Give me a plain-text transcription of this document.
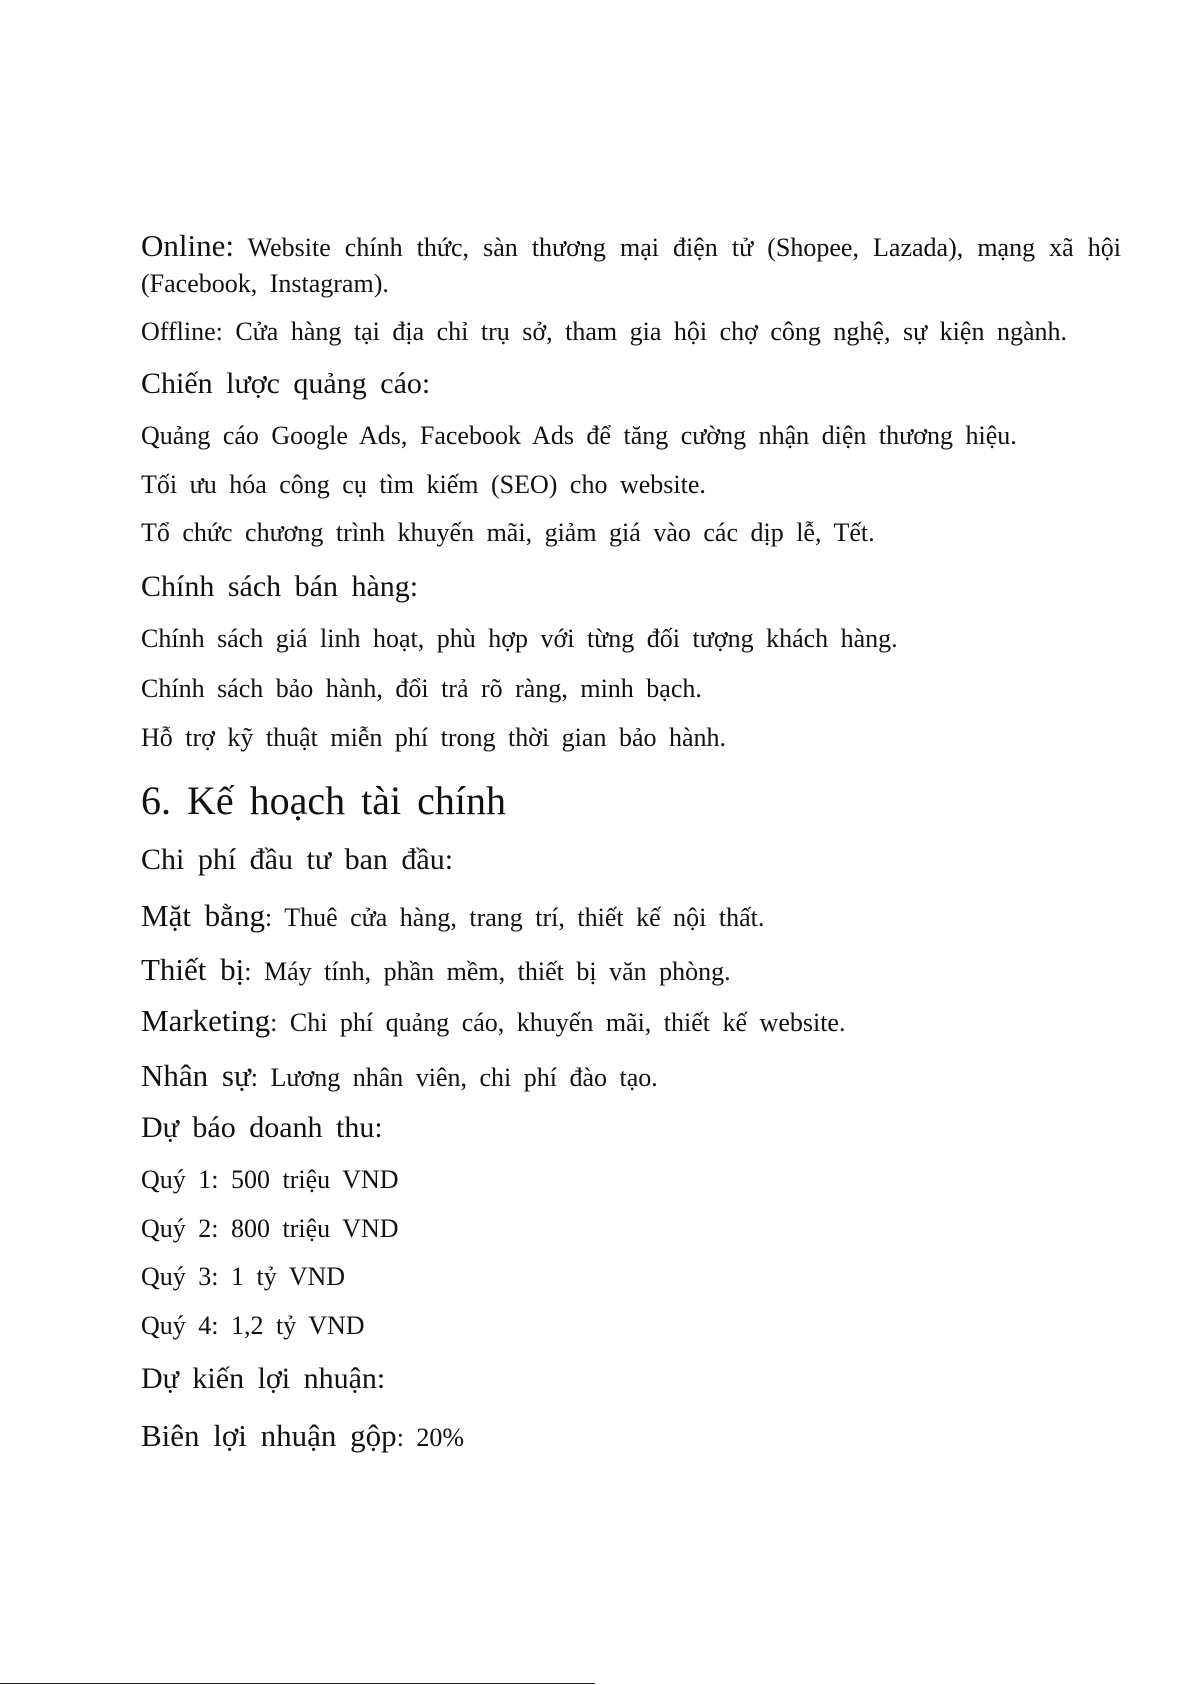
Online: Website chính thức, sàn thương mại điện tử (Shopee, Lazada), mạng xã hội (Facebook, Instagram).
Offline: Cửa hàng tại địa chỉ trụ sở, tham gia hội chợ công nghệ, sự kiện ngành.
Chiến lược quảng cáo:
Quảng cáo Google Ads, Facebook Ads để tăng cường nhận diện thương hiệu.
Tối ưu hóa công cụ tìm kiếm (SEO) cho website.
Tổ chức chương trình khuyến mãi, giảm giá vào các dịp lễ, Tết.
Chính sách bán hàng:
Chính sách giá linh hoạt, phù hợp với từng đối tượng khách hàng.
Chính sách bảo hành, đổi trả rõ ràng, minh bạch.
Hỗ trợ kỹ thuật miễn phí trong thời gian bảo hành.
6. Kế hoạch tài chính
Chi phí đầu tư ban đầu:
Mặt bằng: Thuê cửa hàng, trang trí, thiết kế nội thất.
Thiết bị: Máy tính, phần mềm, thiết bị văn phòng.
Marketing: Chi phí quảng cáo, khuyến mãi, thiết kế website.
Nhân sự: Lương nhân viên, chi phí đào tạo.
Dự báo doanh thu:
Quý 1: 500 triệu VND
Quý 2: 800 triệu VND
Quý 3: 1 tỷ VND
Quý 4: 1,2 tỷ VND
Dự kiến lợi nhuận:
Biên lợi nhuận gộp: 20%
